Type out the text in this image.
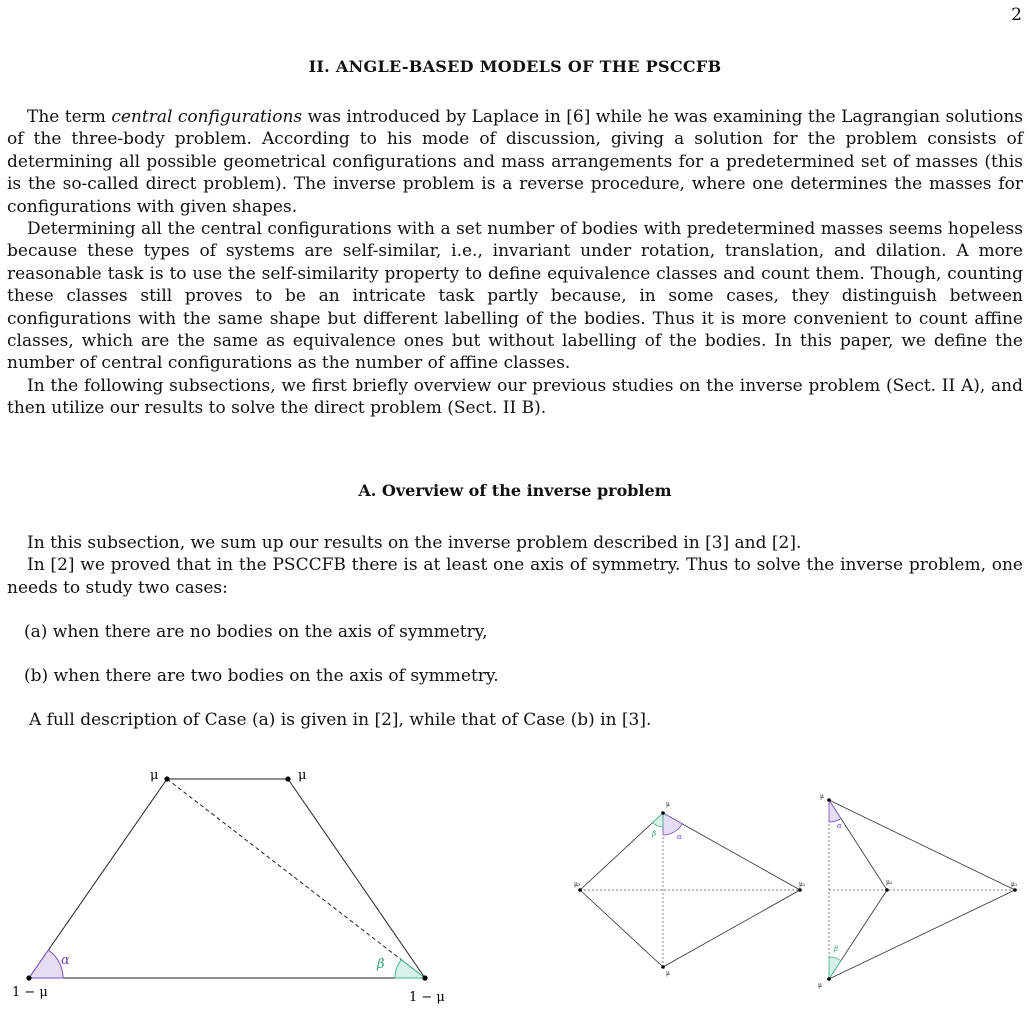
2
II. ANGLE-BASED MODELS OF THE PSCCFB

The term central configurations was introduced by Laplace in [6] while he was examining the Lagrangian solutions of the three-body problem. According to his mode of discussion, giving a solution for the problem consists of determining all possible geometrical configurations and mass arrangements for a predetermined set of masses (this is the so-called direct problem). The inverse problem is a reverse procedure, where one determines the masses for configurations with given shapes.

Determining all the central configurations with a set number of bodies with predetermined masses seems hopeless because these types of systems are self-similar, i.e., invariant under rotation, translation, and dilation. A more reasonable task is to use the self-similarity property to define equivalence classes and count them. Though, counting these classes still proves to be an intricate task partly because, in some cases, they distinguish between configurations with the same shape but different labelling of the bodies. Thus it is more convenient to count affine classes, which are the same as equivalence ones but without labelling of the bodies. In this paper, we define the number of central configurations as the number of affine classes.

In the following subsections, we first briefly overview our previous studies on the inverse problem (Sect. II A), and then utilize our results to solve the direct problem (Sect. II B).

A. Overview of the inverse problem

In this subsection, we sum up our results on the inverse problem described in [3] and [2].

In [2] we proved that in the PSCCFB there is at least one axis of symmetry. Thus to solve the inverse problem, one needs to study two cases:

(a) when there are no bodies on the axis of symmetry,
(b) when there are two bodies on the axis of symmetry.
A full description of Case (a) is given in [2], while that of Case (b) in [3].
μ	μ
1 − μ	1 − μ
α	β
μ
μ
μ₂	μ₁
α
β
μ
μ
μ₂	μ₁
α
β
